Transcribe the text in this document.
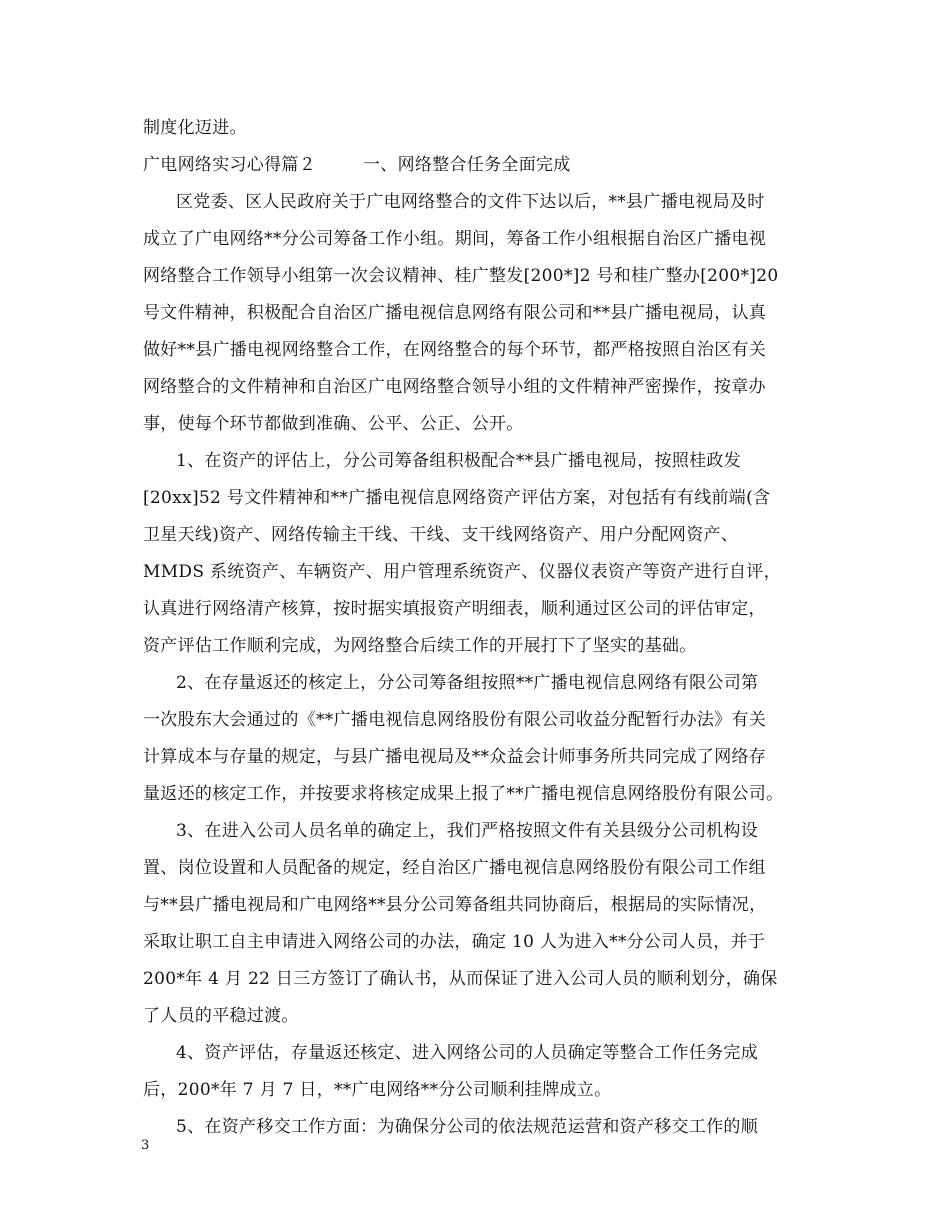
制度化迈进。
广电网络实习心得篇２	一、网络整合任务全面完成
区党委、区人民政府关于广电网络整合的文件下达以后，**县广播电视局及时
成立了广电网络**分公司筹备工作小组。期间，筹备工作小组根据自治区广播电视
网络整合工作领导小组第一次会议精神、桂广整发[200*]2 号和桂广整办[200*]20
号文件精神，积极配合自治区广播电视信息网络有限公司和**县广播电视局，认真
做好**县广播电视网络整合工作，在网络整合的每个环节，都严格按照自治区有关
网络整合的文件精神和自治区广电网络整合领导小组的文件精神严密操作，按章办
事，使每个环节都做到准确、公平、公正、公开。
1、在资产的评估上，分公司筹备组积极配合**县广播电视局，按照桂政发
[20xx]52 号文件精神和**广播电视信息网络资产评估方案，对包括有有线前端(含
卫星天线)资产、网络传输主干线、干线、支干线网络资产、用户分配网资产、
MMDS 系统资产、车辆资产、用户管理系统资产、仪器仪表资产等资产进行自评，
认真进行网络清产核算，按时据实填报资产明细表，顺利通过区公司的评估审定，
资产评估工作顺利完成，为网络整合后续工作的开展打下了坚实的基础。
2、在存量返还的核定上，分公司筹备组按照**广播电视信息网络有限公司第
一次股东大会通过的《**广播电视信息网络股份有限公司收益分配暂行办法》有关
计算成本与存量的规定，与县广播电视局及**众益会计师事务所共同完成了网络存
量返还的核定工作，并按要求将核定成果上报了**广播电视信息网络股份有限公司。
3、在进入公司人员名单的确定上，我们严格按照文件有关县级分公司机构设
置、岗位设置和人员配备的规定，经自治区广播电视信息网络股份有限公司工作组
与**县广播电视局和广电网络**县分公司筹备组共同协商后，根据局的实际情况，
采取让职工自主申请进入网络公司的办法，确定 10 人为进入**分公司人员，并于
200*年 4 月 22 日三方签订了确认书，从而保证了进入公司人员的顺利划分，确保
了人员的平稳过渡。
4、资产评估，存量返还核定、进入网络公司的人员确定等整合工作任务完成
后，200*年 7 月 7 日，**广电网络**分公司顺利挂牌成立。
5、在资产移交工作方面：为确保分公司的依法规范运营和资产移交工作的顺
3
